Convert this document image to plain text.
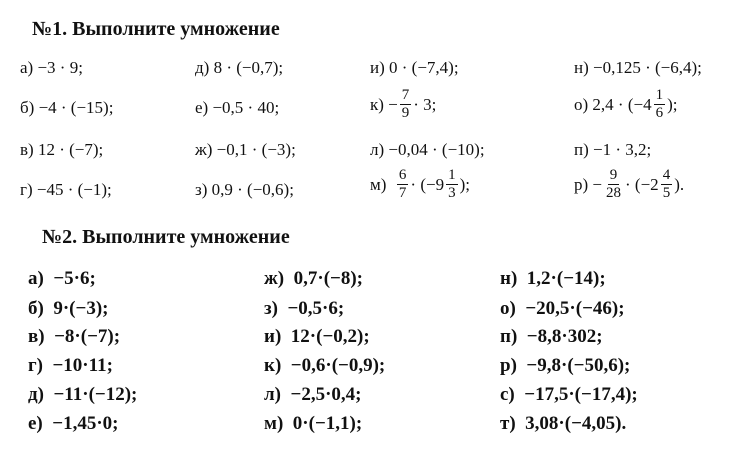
№1. Выполните умножение
а)
−3 · 9;
б)
−4 · (−15);
в)
12 · (−7);
г)
−45 · (−1);
д)
8 · (−0,7);
е)
−0,5 · 40;
ж)
−0,1 · (−3);
з)
0,9 · (−0,6);
и)
0 · (−7,4);
к)
− $\frac{7}{9} \cdot 3$;
л)
−0,04 · (−10);
м)
$\frac{6}{7} \cdot (-9 \frac{1}{3}$ );
н)
−0,125 · (−6,4);
о)
$2,4 \cdot (-4 \frac{1}{6}$ );
п)
−1 · 3,2;
р)
− $\frac{9}{28} \cdot (-2 \frac{4}{5}$ ).
№2. Выполните умножение
а)
−5·6;
б)
9·(−3);
в)
−8·(−7);
г)
−10·11;
д)
−11·(−12);
е)
−1,45·0;
ж)
0,7·(−8);
з)
−0,5·6;
и)
12·(−0,2);
к)
−0,6·(−0,9);
л)
−2,5·0,4;
м)
0·(−1,1);
н)
1,2·(−14);
о)
−20,5·(−46);
п)
−8,8·302;
р)
−9,8·(−50,6);
с)
−17,5·(−17,4);
т)
3,08·(−4,05).
